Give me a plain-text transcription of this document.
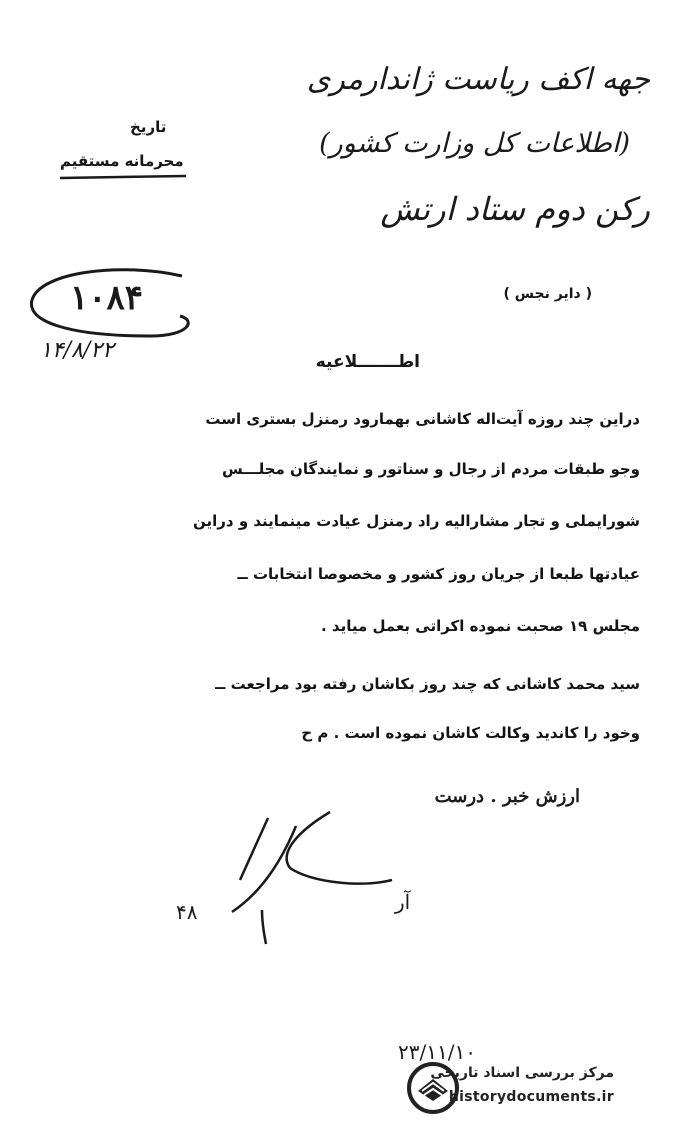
جهه اکف ریاست ژاندارمری
(اطلاعات کل وزارت کشور)
رکن دوم ستاد ارتش
تاریخ
محرمانه مستقیم
۱۰۸۴
۱۴/۸/۲۲
( دایر نجس )
اطـــــــلاعیه
دراین چند روزه آیت‌اله کاشانی بهمارود رمنزل بستری است
وجو طبقات مردم از رجال و سناتور و نمایندگان مجلـــس
شورایملی و تجار مشارالیه راد رمنزل عیادت مینمایند و دراین
عیادتها طبعا از جریان روز کشور و مخصوصا انتخابات ــ
مجلس ۱۹ صحبت نموده اکراتی بعمل میاید .
سید محمد کاشانی که چند روز بکاشان رفته بود مراجعت ــ
وخود را کاندید وکالت کاشان نموده است . م ح
ارزش خبر . درست
۴۸	آر
۲۳/۱۱/۱۰
مرکز بررسی اسناد تاریخی
historydocuments.ir
